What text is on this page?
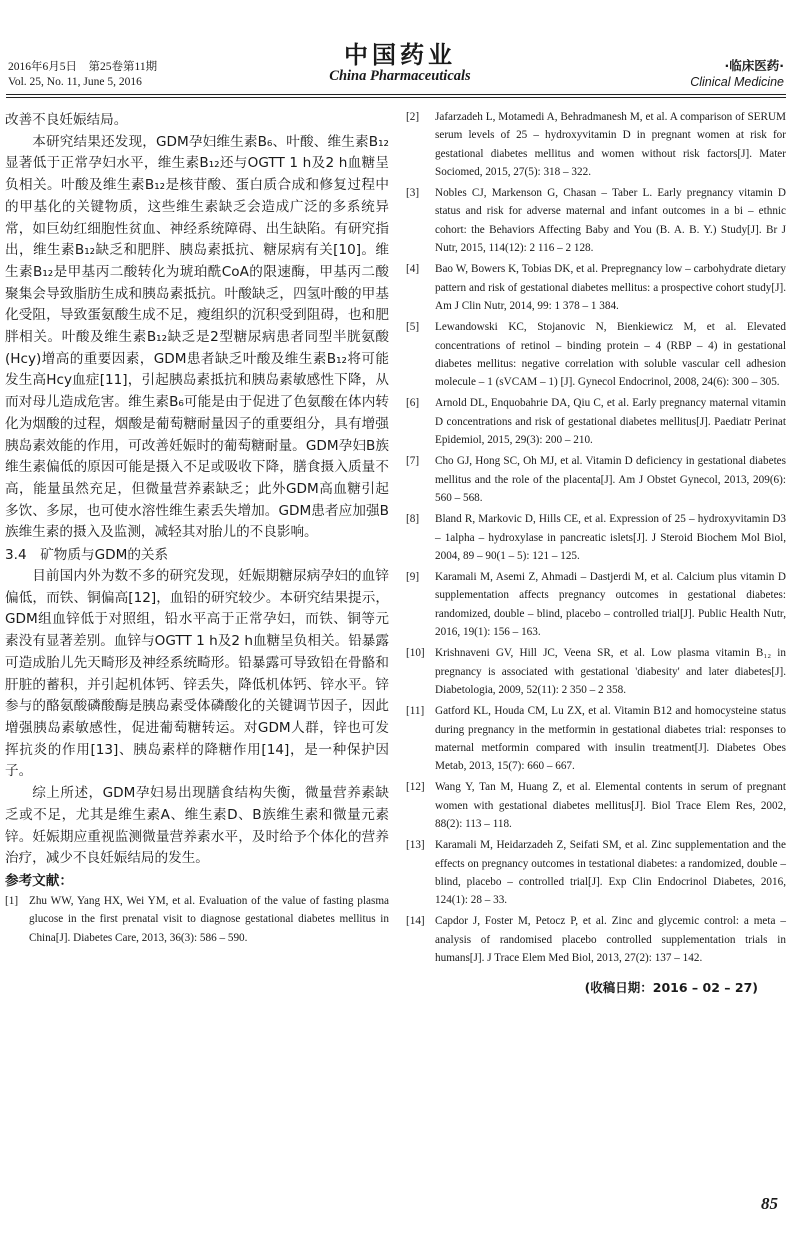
2016年6月5日　第25卷第11期
Vol. 25, No. 11, June 5, 2016
中国药业
China Pharmaceuticals
·临床医药·
Clinical Medicine

改善不良妊娠结局。

本研究结果还发现，GDM孕妇维生素B₆、叶酸、维生素B₁₂显著低于正常孕妇水平，维生素B₁₂还与OGTT 1 h及2 h血糖呈负相关。叶酸及维生素B₁₂是核苷酸、蛋白质合成和修复过程中的甲基化的关键物质，这些维生素缺乏会造成广泛的多系统异常，如巨幼红细胞性贫血、神经系统障碍、出生缺陷。有研究指出，维生素B₁₂缺乏和肥胖、胰岛素抵抗、糖尿病有关[10]。维生素B₁₂是甲基丙二酸转化为琥珀酰CoA的限速酶，甲基丙二酸聚集会导致脂肪生成和胰岛素抵抗。叶酸缺乏，四氢叶酸的甲基化受阻，导致蛋氨酸生成不足，瘦组织的沉积受到阻碍，也和肥胖相关。叶酸及维生素B₁₂缺乏是2型糖尿病患者同型半胱氨酸(Hcy)增高的重要因素，GDM患者缺乏叶酸及维生素B₁₂将可能发生高Hcy血症[11]，引起胰岛素抵抗和胰岛素敏感性下降，从而对母儿造成危害。维生素B₆可能是由于促进了色氨酸在体内转化为烟酸的过程，烟酸是葡萄糖耐量因子的重要组分，具有增强胰岛素效能的作用，可改善妊娠时的葡萄糖耐量。GDM孕妇B族维生素偏低的原因可能是摄入不足或吸收下降，膳食摄入质量不高，能量虽然充足，但微量营养素缺乏；此外GDM高血糖引起多饮、多尿，也可使水溶性维生素丢失增加。GDM患者应加强B族维生素的摄入及监测，减轻其对胎儿的不良影响。

3.4　矿物质与GDM的关系

目前国内外为数不多的研究发现，妊娠期糖尿病孕妇的血锌偏低，而铁、铜偏高[12]，血铅的研究较少。本研究结果提示，GDM组血锌低于对照组，铅水平高于正常孕妇，而铁、铜等元素没有显著差别。血锌与OGTT 1 h及2 h血糖呈负相关。铅暴露可造成胎儿先天畸形及神经系统畸形。铅暴露可导致铅在骨骼和肝脏的蓄积，并引起机体钙、锌丢失，降低机体钙、锌水平。锌参与的酪氨酸磷酸酶是胰岛素受体磷酸化的关键调节因子，因此增强胰岛素敏感性，促进葡萄糖转运。对GDM人群，锌也可发挥抗炎的作用[13]、胰岛素样的降糖作用[14]，是一种保护因子。

综上所述，GDM孕妇易出现膳食结构失衡，微量营养素缺乏或不足，尤其是维生素A、维生素D、B族维生素和微量元素锌。妊娠期应重视监测微量营养素水平，及时给予个体化的营养治疗，减少不良妊娠结局的发生。

参考文献：

[1] Zhu WW, Yang HX, Wei YM, et al. Evaluation of the value of fasting plasma glucose in the first prenatal visit to diagnose gestational diabetes mellitus in China[J]. Diabetes Care, 2013, 36(3): 586 – 590.
[2]	Jafarzadeh L, Motamedi A, Behradmanesh M, et al. A comparison of SERUM serum levels of 25 – hydroxyvitamin D in pregnant women at risk for gestational diabetes mellitus and women without risk factors[J]. Mater Sociomed, 2015, 27(5): 318 – 322.
[3]	Nobles CJ, Markenson G, Chasan – Taber L. Early pregnancy vitamin D status and risk for adverse maternal and infant outcomes in a bi – ethnic cohort: the Behaviors Affecting Baby and You (B. A. B. Y.) Study[J]. Br J Nutr, 2015, 114(12): 2 116 – 2 128.
[4]	Bao W, Bowers K, Tobias DK, et al. Prepregnancy low – carbohydrate dietary pattern and risk of gestational diabetes mellitus: a prospective cohort study[J]. Am J Clin Nutr, 2014, 99: 1 378 – 1 384.
[5]	Lewandowski KC, Stojanovic N, Bienkiewicz M, et al. Elevated concentrations of retinol – binding protein – 4 (RBP – 4) in gestational diabetes mellitus: negative correlation with soluble vascular cell adhesion molecule – 1 (sVCAM – 1) [J]. Gynecol Endocrinol, 2008, 24(6): 300 – 305.
[6]	Arnold DL, Enquobahrie DA, Qiu C, et al. Early pregnancy maternal vitamin D concentrations and risk of gestational diabetes mellitus[J]. Paediatr Perinat Epidemiol, 2015, 29(3): 200 – 210.
[7]	Cho GJ, Hong SC, Oh MJ, et al. Vitamin D deficiency in gestational diabetes mellitus and the role of the placenta[J]. Am J Obstet Gynecol, 2013, 209(6): 560 – 568.
[8]	Bland R, Markovic D, Hills CE, et al. Expression of 25 – hydroxyvitamin D3 – 1alpha – hydroxylase in pancreatic islets[J]. J Steroid Biochem Mol Biol, 2004, 89 – 90(1 – 5): 121 – 125.
[9]	Karamali M, Asemi Z, Ahmadi – Dastjerdi M, et al. Calcium plus vitamin D supplementation affects pregnancy outcomes in gestational diabetes: randomized, double – blind, placebo – controlled trial[J]. Public Health Nutr, 2016, 19(1): 156 – 163.
[10] Krishnaveni GV, Hill JC, Veena SR, et al. Low plasma vitamin B₁₂ in pregnancy is associated with gestational 'diabesity' and later diabetes[J]. Diabetologia, 2009, 52(11): 2 350 – 2 358.
[11] Gatford KL, Houda CM, Lu ZX, et al. Vitamin B12 and homocysteine status during pregnancy in the metformin in gestational diabetes trial: responses to maternal metformin compared with insulin treatment[J]. Diabetes Obes Metab, 2013, 15(7): 660 – 667.
[12] Wang Y, Tan M, Huang Z, et al. Elemental contents in serum of pregnant women with gestational diabetes mellitus[J]. Biol Trace Elem Res, 2002, 88(2): 113 – 118.
[13] Karamali M, Heidarzadeh Z, Seifati SM, et al. Zinc supplementation and the effects on pregnancy outcomes in testational diabetes: a randomized, double – blind, placebo – controlled trial[J]. Exp Clin Endocrinol Diabetes, 2016, 124(1): 28 – 33.
[14] Capdor J, Foster M, Petocz P, et al. Zinc and glycemic control: a meta – analysis of randomised placebo controlled supplementation trials in humans[J]. J Trace Elem Med Biol, 2013, 27(2): 137 – 142.

(收稿日期：2016 – 02 – 27)

85
